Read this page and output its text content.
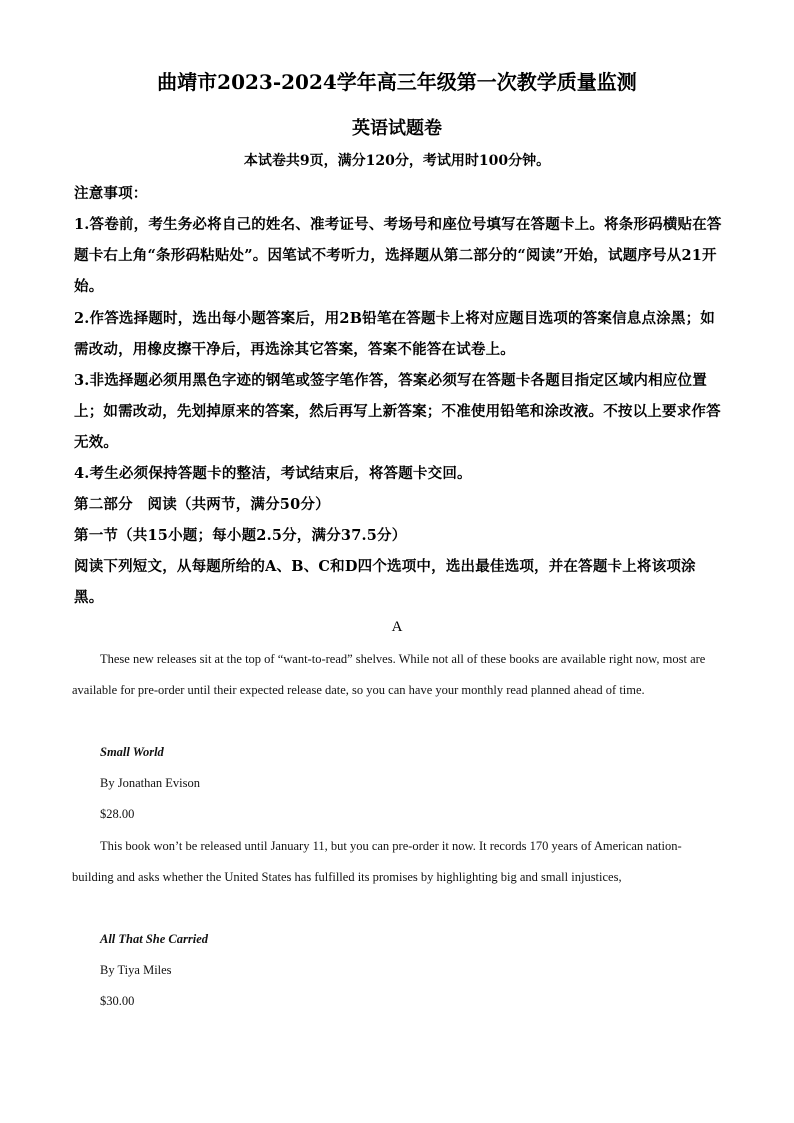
曲靖市2023-2024学年高三年级第一次教学质量监测
英语试题卷
本试卷共9页，满分120分，考试用时100分钟。
注意事项：
1.答卷前，考生务必将自己的姓名、准考证号、考场号和座位号填写在答题卡上。将条形码横贴在答题卡右上角“条形码粘贴处”。因笔试不考听力，选择题从第二部分的“阅读”开始，试题序号从21开始。
2.作答选择题时，选出每小题答案后，用2B铅笔在答题卡上将对应题目选项的答案信息点涂黑；如需改动，用橡皮擦干净后，再选涂其它答案，答案不能答在试卷上。
3.非选择题必须用黑色字迹的钢笔或签字笔作答，答案必须写在答题卡各题目指定区域内相应位置上；如需改动，先划掉原来的答案，然后再写上新答案；不准使用铅笔和涂改液。不按以上要求作答无效。
4.考生必须保持答题卡的整洁，考试结束后，将答题卡交回。
第二部分　阅读（共两节，满分50分）
第一节（共15小题；每小题2.5分，满分37.5分）
阅读下列短文，从每题所给的A、B、C和D四个选项中，选出最佳选项，并在答题卡上将该项涂黑。
A
These new releases sit at the top of “want-to-read” shelves. While not all of these books are available right now, most are available for pre-order until their expected release date, so you can have your monthly read planned ahead of time.
Small World
By Jonathan Evison
$28.00
This book won’t be released until January 11, but you can pre-order it now. It records 170 years of American nation-building and asks whether the United States has fulfilled its promises by highlighting big and small injustices,
All That She Carried
By Tiya Miles
$30.00
